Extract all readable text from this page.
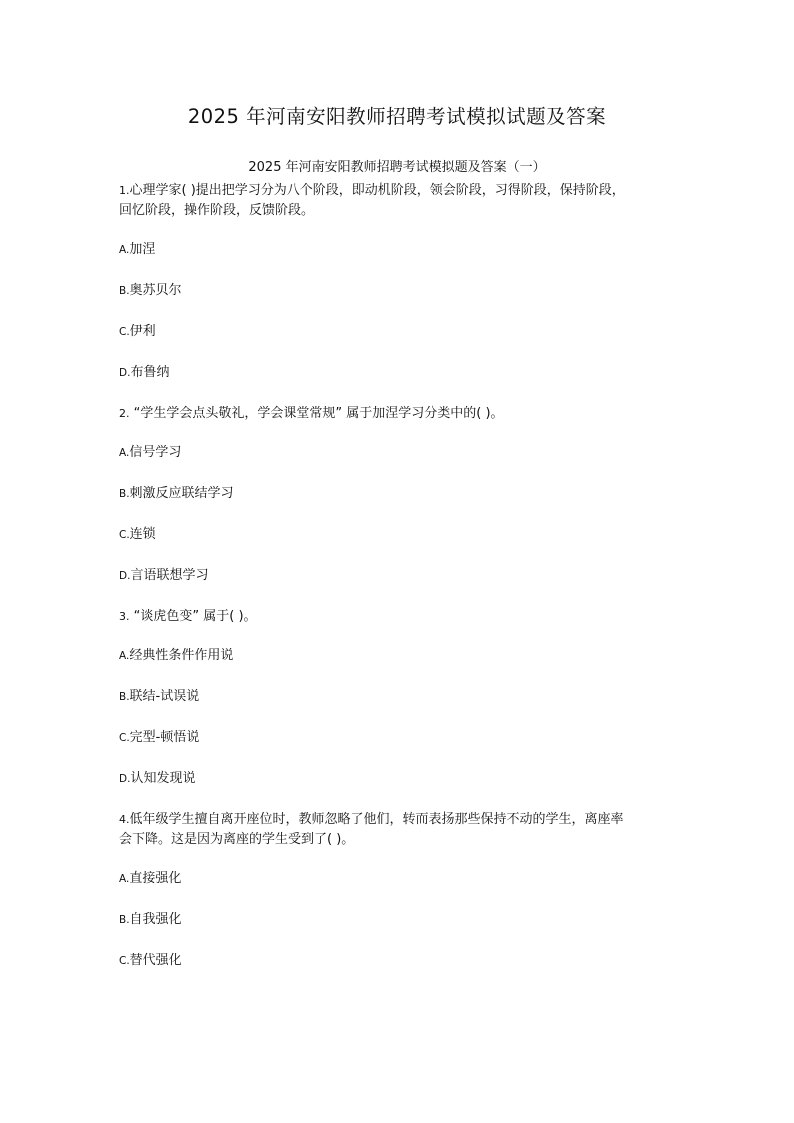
2025 年河南安阳教师招聘考试模拟试题及答案
2025 年河南安阳教师招聘考试模拟题及答案（一）
1.心理学家( )提出把学习分为八个阶段，即动机阶段，领会阶段，习得阶段，保持阶段，
回忆阶段，操作阶段，反馈阶段。
A.加涅
B.奥苏贝尔
C.伊利
D.布鲁纳
2. “学生学会点头敬礼，学会课堂常规” 属于加涅学习分类中的( )。
A.信号学习
B.刺激反应联结学习
C.连锁
D.言语联想学习
3. “谈虎色变” 属于( )。
A.经典性条件作用说
B.联结-试误说
C.完型-顿悟说
D.认知发现说
4.低年级学生擅自离开座位时，教师忽略了他们，转而表扬那些保持不动的学生，离座率
会下降。这是因为离座的学生受到了( )。
A.直接强化
B.自我强化
C.替代强化
